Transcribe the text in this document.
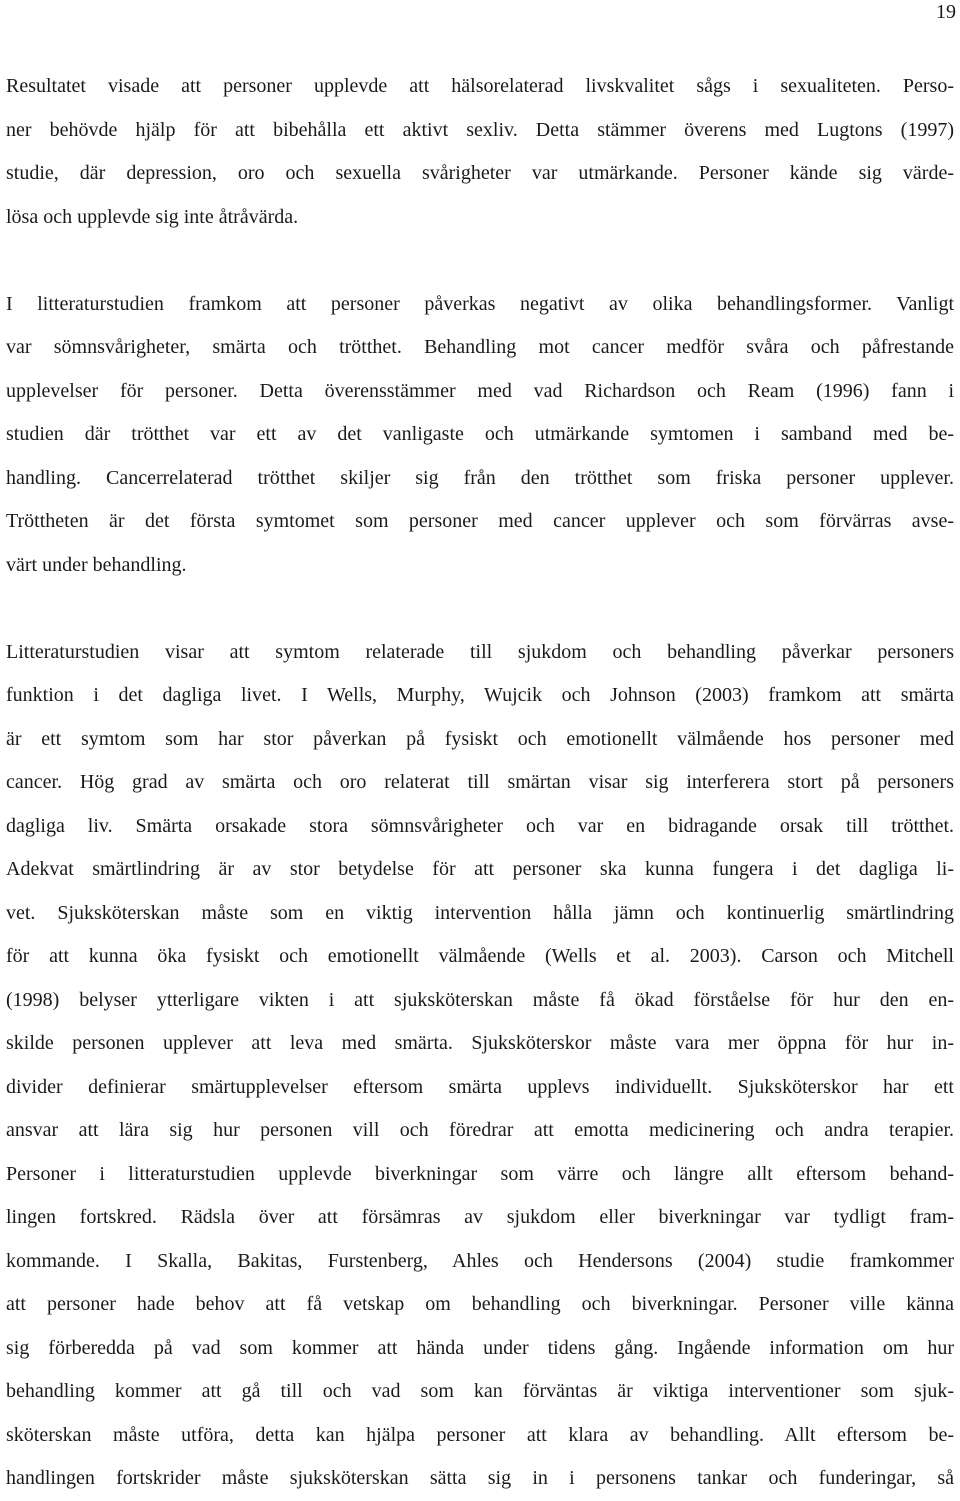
19
Resultatet visade att personer upplevde att hälsorelaterad livskvalitet sågs i sexualiteten. Perso-
ner behövde hjälp för att bibehålla ett aktivt sexliv. Detta stämmer överens med Lugtons (1997)
studie, där depression, oro och sexuella svårigheter var utmärkande. Personer kände sig värde-
lösa och upplevde sig inte åtråvärda.
I litteraturstudien framkom att personer påverkas negativt av olika behandlingsformer. Vanligt
var sömnsvårigheter, smärta och trötthet. Behandling mot cancer medför svåra och påfrestande
upplevelser för personer. Detta överensstämmer med vad Richardson och Ream (1996) fann i
studien där trötthet var ett av det vanligaste och utmärkande symtomen i samband med be-
handling. Cancerrelaterad trötthet skiljer sig från den trötthet som friska personer upplever.
Tröttheten är det första symtomet som personer med cancer upplever och som förvärras avse-
värt under behandling.
Litteraturstudien visar att symtom relaterade till sjukdom och behandling påverkar personers
funktion i det dagliga livet. I Wells, Murphy, Wujcik och Johnson (2003) framkom att smärta
är ett symtom som har stor påverkan på fysiskt och emotionellt välmående hos personer med
cancer. Hög grad av smärta och oro relaterat till smärtan visar sig interferera stort på personers
dagliga liv. Smärta orsakade stora sömnsvårigheter och var en bidragande orsak till trötthet.
Adekvat smärtlindring är av stor betydelse för att personer ska kunna fungera i det dagliga li-
vet. Sjuksköterskan måste som en viktig intervention hålla jämn och kontinuerlig smärtlindring
för att kunna öka fysiskt och emotionellt välmående (Wells et al. 2003). Carson och Mitchell
(1998) belyser ytterligare vikten i att sjuksköterskan måste få ökad förståelse för hur den en-
skilde personen upplever att leva med smärta. Sjuksköterskor måste vara mer öppna för hur in-
divider definierar smärtupplevelser eftersom smärta upplevs individuellt. Sjuksköterskor har ett
ansvar att lära sig hur personen vill och föredrar att emotta medicinering och andra terapier.
Personer i litteraturstudien upplevde biverkningar som värre och längre allt eftersom behand-
lingen fortskred. Rädsla över att försämras av sjukdom eller biverkningar var tydligt fram-
kommande. I Skalla, Bakitas, Furstenberg, Ahles och Hendersons (2004) studie framkommer
att personer hade behov att få vetskap om behandling och biverkningar. Personer ville känna
sig förberedda på vad som kommer att hända under tidens gång. Ingående information om hur
behandling kommer att gå till och vad som kan förväntas är viktiga interventioner som sjuk-
sköterskan måste utföra, detta kan hjälpa personer att klara av behandling. Allt eftersom be-
handlingen fortskrider måste sjuksköterskan sätta sig in i personens tankar och funderingar, så
